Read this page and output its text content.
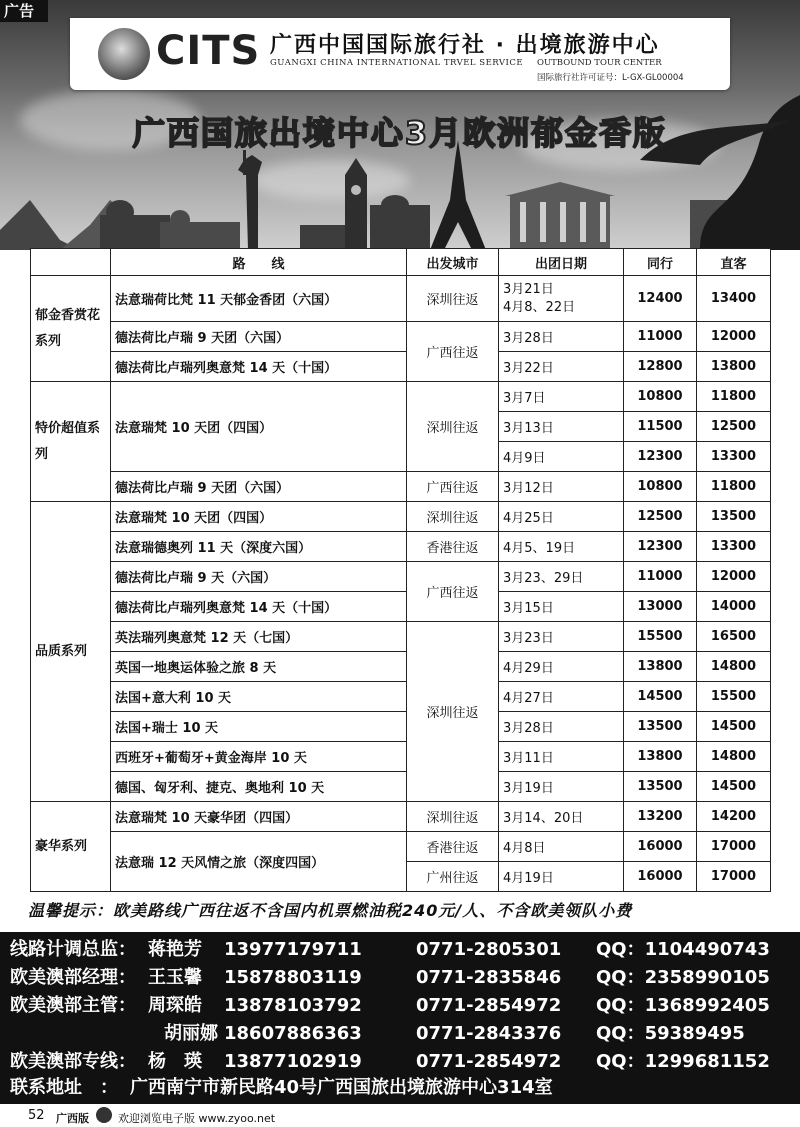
广告
CITS 广西中国国际旅行社 · 出境旅游中心
GUANGXI CHINA INTERNATIONAL TRVEL SERVICE OUTBOUND TOUR CENTER
国际旅行社许可证号：L-GX-GL00004
广西国旅出境中心3月欧洲郁金香版
	路　　线	出发城市	出团日期	同行	直客
郁金香赏花系列	法意瑞荷比梵 11 天郁金香团（六国）	深圳往返	3月21日
4月8、22日	12400	13400
	德法荷比卢瑞 9 天团（六国）	广西往返	3月28日	11000	12000
	德法荷比卢瑞列奥意梵 14 天（十国）		3月22日	12800	13800
特价超值系列	法意瑞梵 10 天团（四国）	深圳往返	3月7日	10800	11800
			3月13日	11500	12500
			4月9日	12300	13300
	德法荷比卢瑞 9 天团（六国）	广西往返	3月12日	10800	11800
品质系列	法意瑞梵 10 天团（四国）	深圳往返	4月25日	12500	13500
	法意瑞德奥列 11 天（深度六国）	香港往返	4月5、19日	12300	13300
	德法荷比卢瑞 9 天（六国）	广西往返	3月23、29日	11000	12000
	德法荷比卢瑞列奥意梵 14 天（十国）		3月15日	13000	14000
	英法瑞列奥意梵 12 天（七国）	深圳往返	3月23日	15500	16500
	英国一地奥运体验之旅 8 天		4月29日	13800	14800
	法国+意大利 10 天		4月27日	14500	15500
	法国+瑞士 10 天		3月28日	13500	14500
	西班牙+葡萄牙+黄金海岸 10 天		3月11日	13800	14800
	德国、匈牙利、捷克、奥地利 10 天		3月19日	13500	14500
豪华系列	法意瑞梵 10 天豪华团（四国）	深圳往返	3月14、20日	13200	14200
	法意瑞 12 天风情之旅（深度四国）	香港往返	4月8日	16000	17000
		广州往返	4月19日	16000	17000
温馨提示：欧美路线广西往返不含国内机票燃油税240元/人、不含欧美领队小费
线路计调总监： 蒋艳芳 13977179711	0771-2805301 QQ：1104490743
欧美澳部经理： 王玉馨 15878803119	0771-2835846 QQ：2358990105
欧美澳部主管： 周琛皓 13878103792	0771-2854972 QQ：1368992405
胡丽娜 18607886363	0771-2843376 QQ：59389495
欧美澳部专线： 杨　瑛 13877102919	0771-2854972 QQ：1299681152
联系地址　： 广西南宁市新民路40号广西国旅出境旅游中心314室
52 广西版	欢迎浏览电子版 www.zyoo.net
